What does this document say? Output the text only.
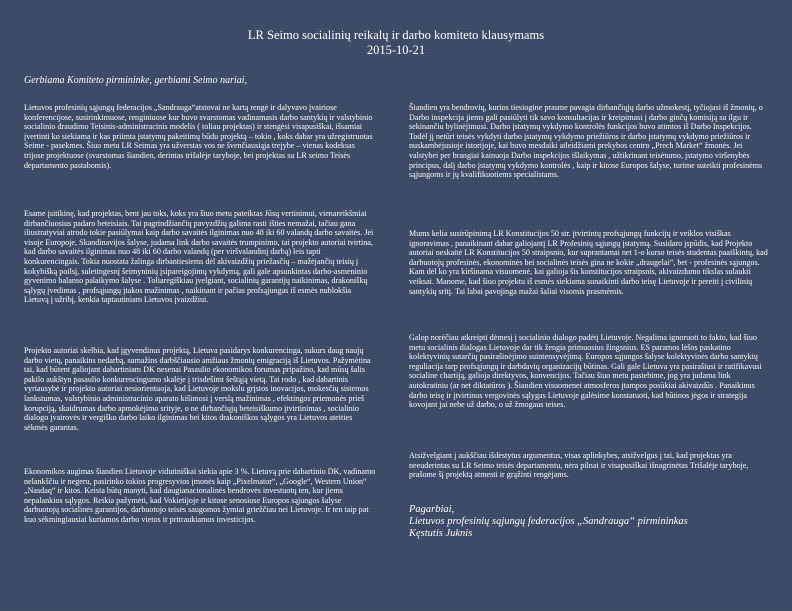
LR Seimo socialinių reikalų ir darbo komiteto klausymams
2015-10-21
Gerbiama Komiteto pirmininke, gerbiami Seimo nariai,

Lietuvos profesinių sąjungų federacijos „Sandrauga“atstovai ne kartą rengė ir dalyvavo įvairiose konferencijose, susirinkimuose, renginiuose kur buvo svarstomas vadinamasis darbo santykių ir valstybinio socialinio draudimo Teisinis-administracinis modelis ( toliau projektas) ir stengėsi visapusiškai, išsamiai įvertinti ko siekiama ir kas priimta įstatymų pakeitimų būdu projektą – tokio , koks dabar yra užregistruotas Seime - pasekmes. Šiuo metu LR Seimas yra užverstas vos ne švenčiausiąja trejybe – vienas kodeksas trijose projektuose (svarstomas šiandien, derintas trišalėje taryboje, bei projektas su LR seimo Teisės departamento pastabomis).

Esame įsitikinę, kad projektas, bent jau toks, koks yra šiuo metu pateiktas Jūsų vertinimui, vienareikšmiai dirbančiuosius padaro beteisiais. Tai pagrindžiančių pavyzdžių galima rasti išties nemažai, tačiau gana iliustratyviai atrodo tokie pasiūlymai kaip darbo savaitės ilginimas nuo 48 iki 60 valandų darbo savaitės. Jei visoje Europoje, Skandinavijos šalyse, judama link darbo savaitės trumpinimo, tai projekto autoriai tvirtina, kad darbo savaitės ilginimas nuo 48 iki 60 darbo valandų (per viršvalandinį darbą) leis tapti konkurencingais. Tokia nuostata žalinga dirbantiesiems dėl akivaizdžių priežasčių – mažėjančių teisių į kokybišką poilsį, suletingesnį šeimyninių įsipareigojimų vykdymą, gali gale apsunkintas darbo-asmeninio gyvenimo balanso palaikymo šalyse . Toliaregiškiau įvelgiant, socialinių garantijų naikinimas, drakoniškų sąlygų įvedimas , profsąjungų įtakos mažinimas , naikinant ir pačias profsąjungas iš esmės nublokšia Lietuvą į užribį, kenkia taptautiniam Lietuvos įvaizdžiui.

Projekto autoriai skelbia, kad įgyvendinus projektą, Lietuva pasidarys konkurencinga, sukurs daug naujų darbo vietų, panaikins nedarbą, sumažins darbščiausio amžiaus žmonių emigraciją iš Lietuvos. Pažymėtina tai, kad būtent galiojant dabartiniam DK nesenai Pasaulio ekonomikos forumas pripažino, kad mūsų šalis pakilo aukštyn pasaulio konkurencingumo skalėje į trisdešimt šeštąją vietą. Tai rodo , kad dabartinis vyriausybė ir projekto autoriai nesiorientuoja, kad Lietuvoje mokslu grįstos inovacijos, mokesčių sistemos lankstumas, valstybinio administracinio aparato kišimosi į verslą mažinimas , efektingos priemonės prieš korupciją, skaidrumas darbo apmokėjimo srityje, o ne dirbančiųjų beteisiškumo įtvirtinimas , socialinio dialogo įvairovės ir vergiško darbo laiko ilginimas bei kitos drakoniškos sąlygos yra Lietuvos ateities sėkmės garantas.

Ekonomikos augimas šiandien Lietuvoje vidutiniškai siekia apie 3 %. Lietuvą prie dabartinio DK, vadinamo nelankščiu ir negeru, pasirinko tokios progresyvios įmonės kaip „Pixelmator“, „Google“, Western Union“ „Nasdaq“ ir kitos. Keista būtų manyti, kad daugianacionalinės bendrovės investuotų ten, kur jiems nepalankios sąlygos. Reikia pažymėti, kad Vokietijoje ir kitose senosiose Europos sąjungos šalyse darbuotojų socialinės garantijos, darbuotojo teisės saugomos žymiai griežčiau nei Lietuvoje. Ir ten taip pat kuo sėkmingiausiai kuriamos darbo vietos ir pritraukiamos investicijos.

Šiandien yra bendrovių, kurios tiesiogine prasme pavagia dirbančiųjų darbo užmokestį, tyčiojasi iš žmonių, o Darbo inspekcija jiems gali pasiūlyti tik savo konsultacijas ir kreipimasi į darbo ginčų komisiją su ilgu ir sekinančiu bylinėjimusi. Darbo įstatymų vykdymo kontrolės funkcijos buvo atimtos iš Darbo Inspekcijos. Todėl jį netūri teisės vykdyti darbo įstatymų vykdymo priežiūros ir darbo įstatymų vykdymo priežiūros ir nuskambėjusioje istorijoje, kai buvo mesdaiki atleidžiami prekybos centro „Prech Market“ žmonės. Jei valstybei per brangiai kainuoja Darbo inspekcijos išlaikymas , užtikrinant teisėtumo, įstatymo viršenybės principus, dalį darbo įstatymų vykdymo kontrolės , kaip ir kitose Europos šalyse, turime suteikti profesinėms sąjungoms ir jų kvalifikuotiems specialistams.

Mums kelia susirūpinimą LR Konstitucijos 50 str. įtvirtintų profsąjungų funkcijų ir veiklos visiškas ignoravimas , panaikinant dabar galiojantį LR Profesinių sąjungų įstatymą. Susidaro įspūdis, kad Projekto autoriai neskaitė LR Konstitucijos 50 straipsnio, kur suprantamai net 1-o kurso teisės studentas paaiškintų, kad darbuotojų profesinės, ekonominės bei socialinės teisės gina ne kokie „draugelai“, bet - profesinės sąjungos. Kam dėl ko yra kiršinama visuomenė, kai galioja šis konstitucijos straipsnis, akivaizdumo tikslas sulaukti veiksai. Manome, kad šiuo projektu iš esmės siekiama sunaikinti darbo teisę Lietuvoje ir pereiti į civilinių santykių sritį. Tai labai pavojinga mažai šaliai visomis prasmėmis.

Galop norėčiau atkreipti dėmesį į socialinio dialogo padėtį Lietuvoje. Negalima ignoruoti to fakto, kad šiuo metu socialinis dialogas Lietuvoje dar tik žengia primuosius žingsnius. ES paramos lėšos paskatino kolektyvinių sutarčių pasirašinėjimo suintensyvėjimą. Europos sąjungos šalyse kolektyvinės darbo santykių reguliacija tarp profsąjungų ir darbdavių organizacijų būtinas. Gali gale Lietuva yra pasirašiusi ir ratifikavusi socialine chartiją, galioja direktyvos, konvencijos. Tačiau šiuo metu pastebime, jog yra judama link autokratiniu (ar net diktatūros ). Šiandien visuomenei atmosferos įtampos posūkiai akivaizdūs . Panaikinus darbo teisę ir įtvirtinus vergovinės sąlygas Lietuvoje galėsime konstatuoti, kad būtinos jėgos ir strategija kovojant jai nebe už darbo, o už žmogaus teises.

Atsižvelgiant į aukščiau išdėstytus argumentus, visas aplinkybes, atsižvelgus į tai, kad projektas yra neeuderintas su LR Seimo teisės departamentu, nėra pilnai ir visapusiškai išnagrinėtas Trišalėje taryboje, prašome šį projektą atmesti ir grąžinti rengėjams.

Pagarbiai,
Lietuvos profesinių sąjungų federacijos „Sandrauga“ pirmininkas
Kęstutis Juknis
